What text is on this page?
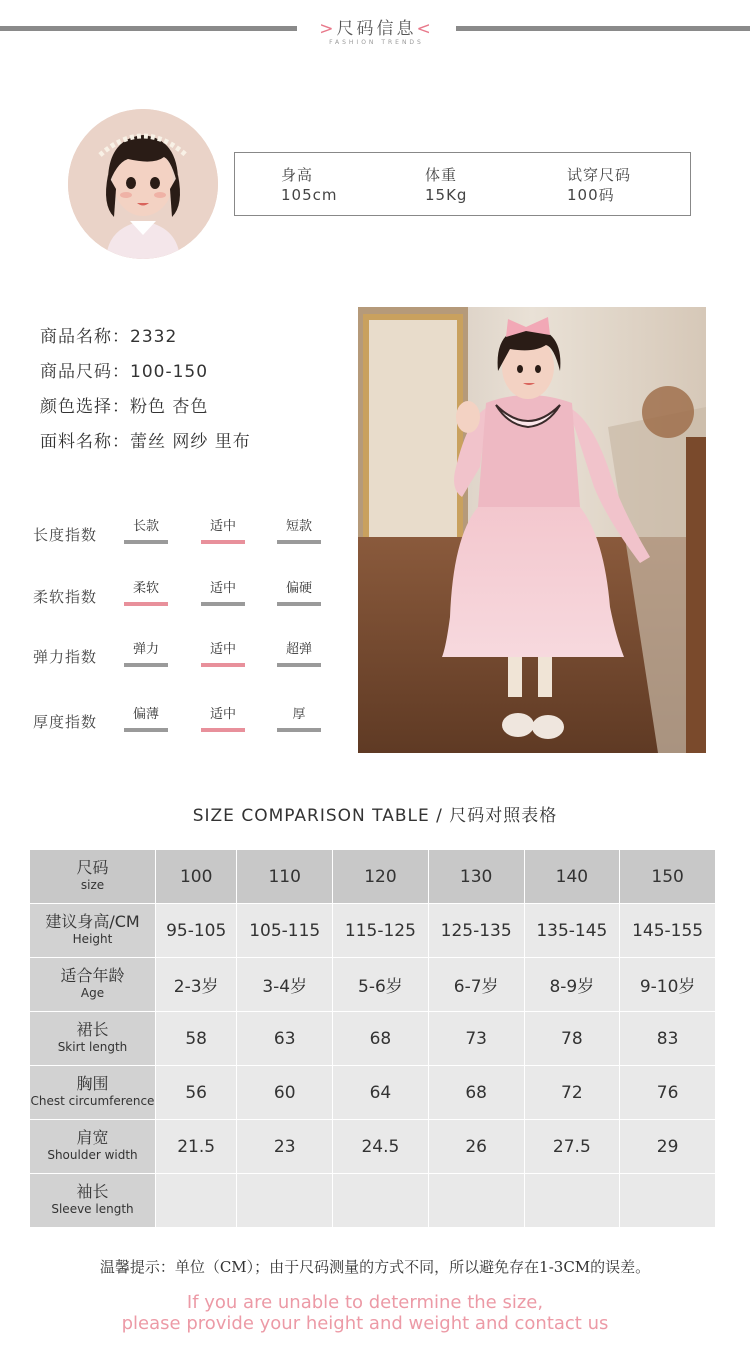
>尺码信息<
FASHION TRENDS
身高
105cm
体重
15Kg
试穿尺码
100码
商品名称：2332
商品尺码：100-150
颜色选择：粉色 杏色
面料名称：蕾丝 网纱 里布
长度指数	长款	适中	短款
柔软指数	柔软	适中	偏硬
弹力指数	弹力	适中	超弹
厚度指数	偏薄	适中	厚
SIZE COMPARISON TABLE / 尺码对照表格
尺码
size	100	110	120	130	140	150

建议身高/CM
Height	95-105	105-115	115-125	125-135	135-145	145-155

适合年龄
Age	2-3岁	3-4岁	5-6岁	6-7岁	8-9岁	9-10岁

裙长
Skirt length	58	63	68	73	78	83

胸围
Chest circumference	56	60	64	68	72	76

肩宽
Shoulder width	21.5	23	24.5	26	27.5	29

袖长
Sleeve length						

温馨提示：单位（CM）；由于尺码测量的方式不同，所以避免存在1-3CM的误差。
If you are unable to determine the size,
please provide your height and weight and contact us
